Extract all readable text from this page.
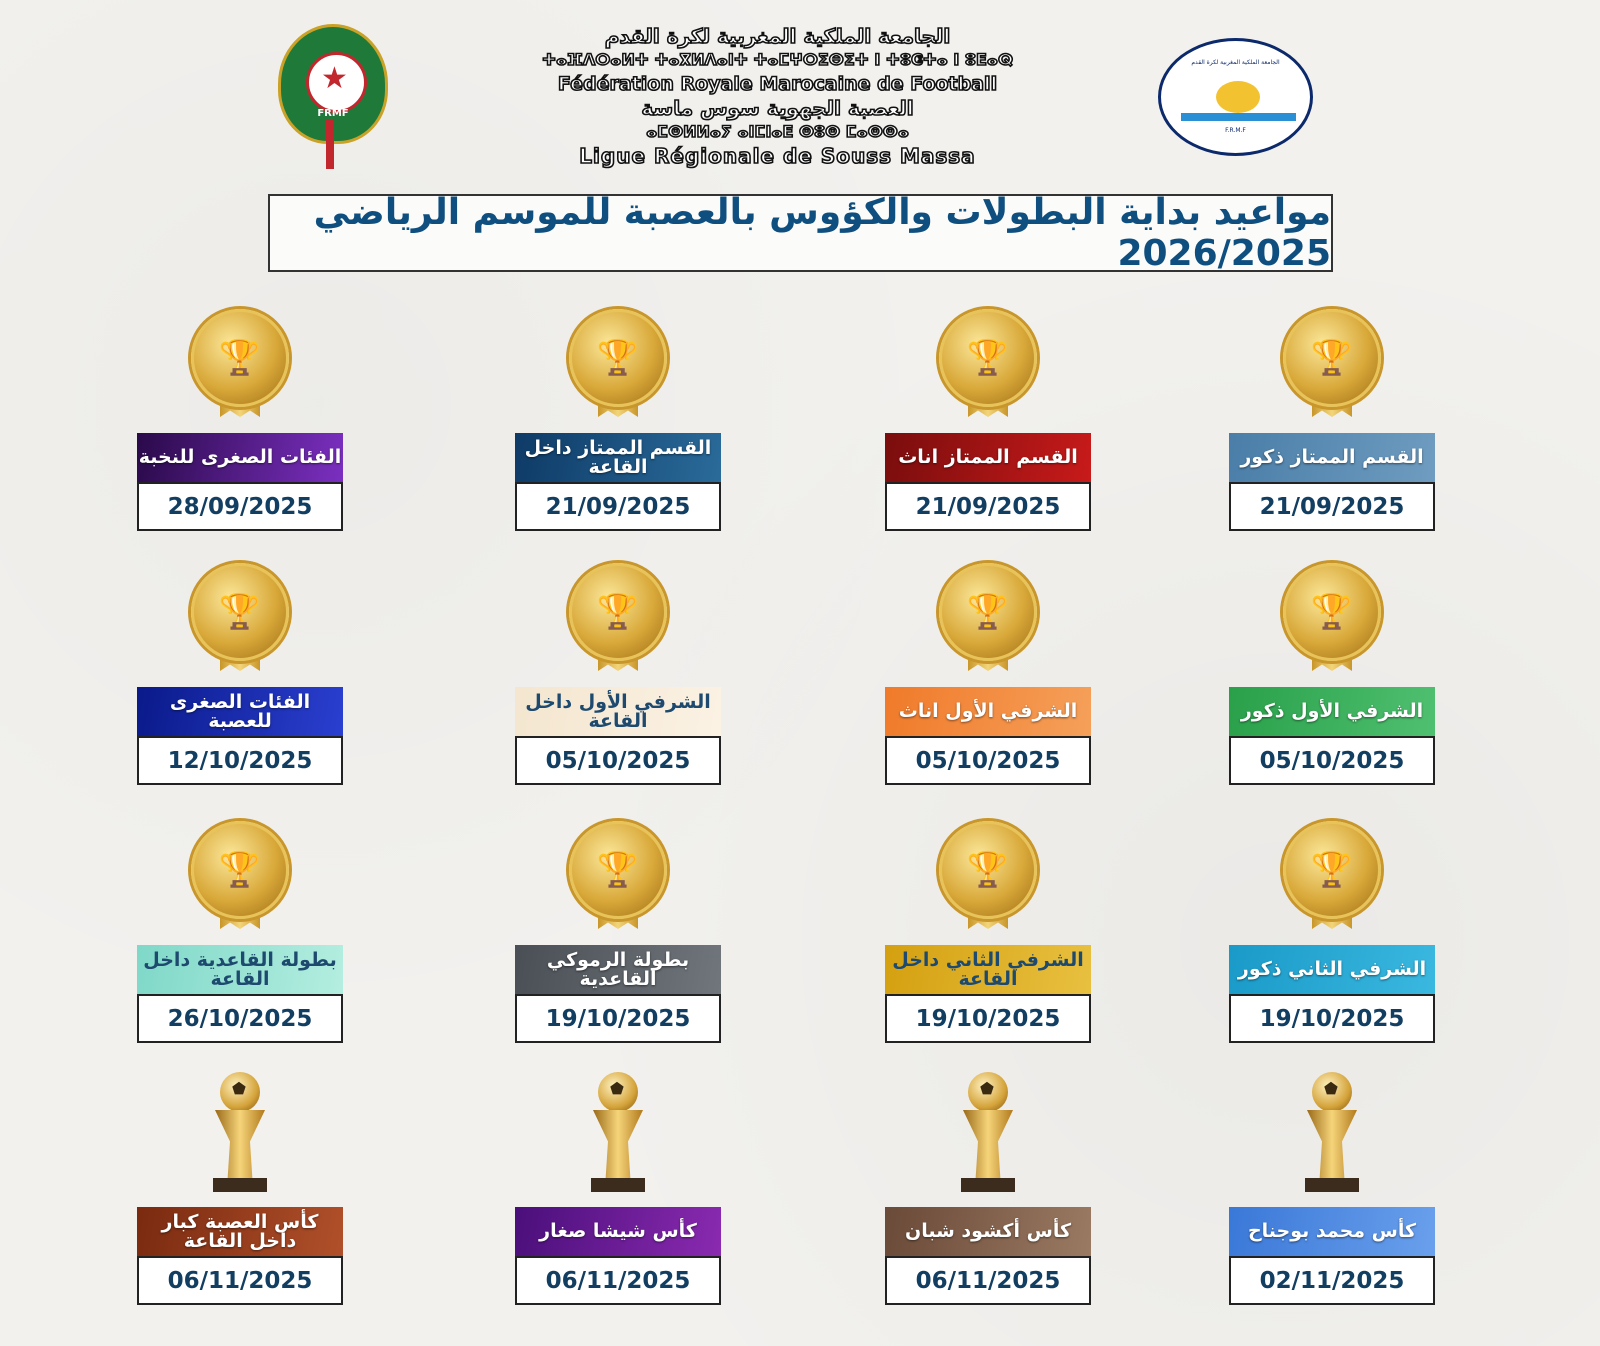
★
FRMF
الجامعة الملكية المغربية لكرة القدم
ⵜⴰⴼⴷⵔⴰⵍⵜ ⵜⴰⴳⵍⴷⴰⵏⵜ ⵜⴰⵎⵖⵔⵉⴱⵉⵜ ⵏ ⵜⵓⵛⵜⴰ ⵏ ⵓⴹⴰⵕ
Fédération Royale Marocaine de Football
العصبة الجهوية سوس ماسة
ⴰⵎⵙⵍⵍⴰⵢ ⴰⵏⵎⵏⴰⴹ ⵙⵓⵙ ⵎⴰⵙⵙⴰ
Ligue Régionale de Souss Massa
الجامعة الملكية المغربية لكرة القدم
F.R.M.F
مواعيد بداية البطولات والكؤوس بالعصبة للموسم الرياضي 2026/2025
🏆
الفئات الصغرى للنخبة
28/09/2025
🏆
القسم الممتاز داخل القاعة
21/09/2025
🏆
القسم الممتاز اناث
21/09/2025
🏆
القسم الممتاز ذكور
21/09/2025
🏆
الفئات الصغرى للعصبة
12/10/2025
🏆
الشرفي الأول داخل القاعة
05/10/2025
🏆
الشرفي الأول اناث
05/10/2025
🏆
الشرفي الأول ذكور
05/10/2025
🏆
بطولة القاعدية داخل القاعة
26/10/2025
🏆
بطولة الرموكي القاعدية
19/10/2025
🏆
الشرفي الثاني داخل القاعة
19/10/2025
🏆
الشرفي الثاني ذكور
19/10/2025
⬟
كأس العصبة كبار داخل القاعة
06/11/2025
⬟
كأس شيشا صغار
06/11/2025
⬟
كأس أكشود شبان
06/11/2025
⬟
كأس محمد بوجناح
02/11/2025
